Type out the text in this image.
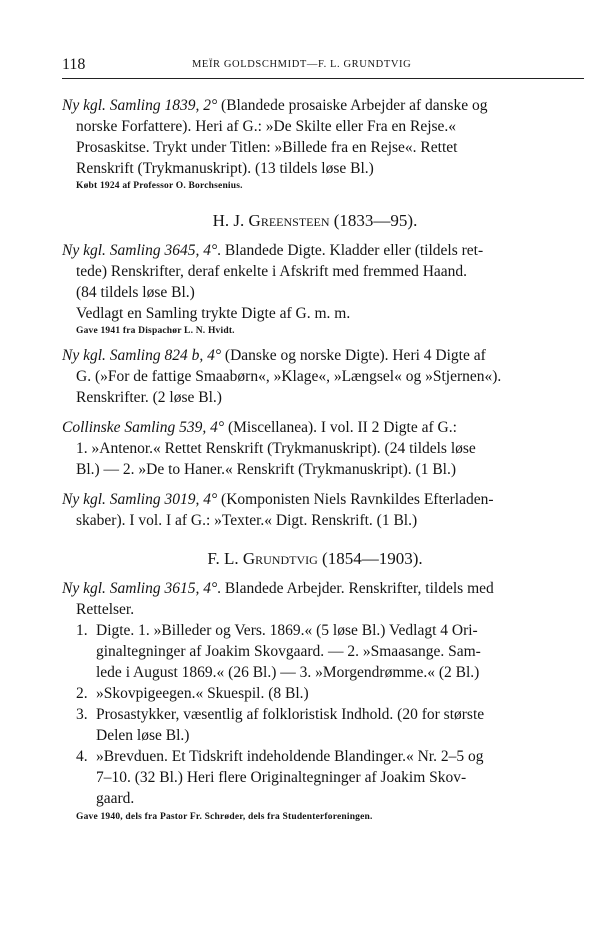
118	MEÏR GOLDSCHMIDT—F. L. GRUNDTVIG
Ny kgl. Samling 1839, 2° (Blandede prosaiske Arbejder af danske og
norske Forfattere). Heri af G.: »De Skilte eller Fra en Rejse.«
Prosaskitse. Trykt under Titlen: »Billede fra en Rejse«. Rettet
Renskrift (Trykmanuskript). (13 tildels løse Bl.)
Købt 1924 af Professor O. Borchsenius.
H. J. Greensteen (1833—95).
Ny kgl. Samling 3645, 4°. Blandede Digte. Kladder eller (tildels ret-
tede) Renskrifter, deraf enkelte i Afskrift med fremmed Haand.
(84 tildels løse Bl.)
Vedlagt en Samling trykte Digte af G. m. m.
Gave 1941 fra Dispachør L. N. Hvidt.
Ny kgl. Samling 824 b, 4° (Danske og norske Digte). Heri 4 Digte af
G. (»For de fattige Smaabørn«, »Klage«, »Længsel« og »Stjernen«).
Renskrifter. (2 løse Bl.)
Collinske Samling 539, 4° (Miscellanea). I vol. II 2 Digte af G.:
1. »Antenor.« Rettet Renskrift (Trykmanuskript). (24 tildels løse
Bl.) — 2. »De to Haner.« Renskrift (Trykmanuskript). (1 Bl.)
Ny kgl. Samling 3019, 4° (Komponisten Niels Ravnkildes Efterladen-
skaber). I vol. I af G.: »Texter.« Digt. Renskrift. (1 Bl.)
F. L. Grundtvig (1854—1903).
Ny kgl. Samling 3615, 4°. Blandede Arbejder. Renskrifter, tildels med
Rettelser.
1. Digte. 1. »Billeder og Vers. 1869.« (5 løse Bl.) Vedlagt 4 Ori-
ginaltegninger af Joakim Skovgaard. — 2. »Smaasange. Sam-
lede i August 1869.« (26 Bl.) — 3. »Morgendrømme.« (2 Bl.)
2. »Skovpigeegen.« Skuespil. (8 Bl.)
3. Prosastykker, væsentlig af folkloristisk Indhold. (20 for største
Delen løse Bl.)
4. »Brevduen. Et Tidskrift indeholdende Blandinger.« Nr. 2–5 og
7–10. (32 Bl.) Heri flere Originaltegninger af Joakim Skov-
gaard.
Gave 1940, dels fra Pastor Fr. Schrøder, dels fra Studenterforeningen.
